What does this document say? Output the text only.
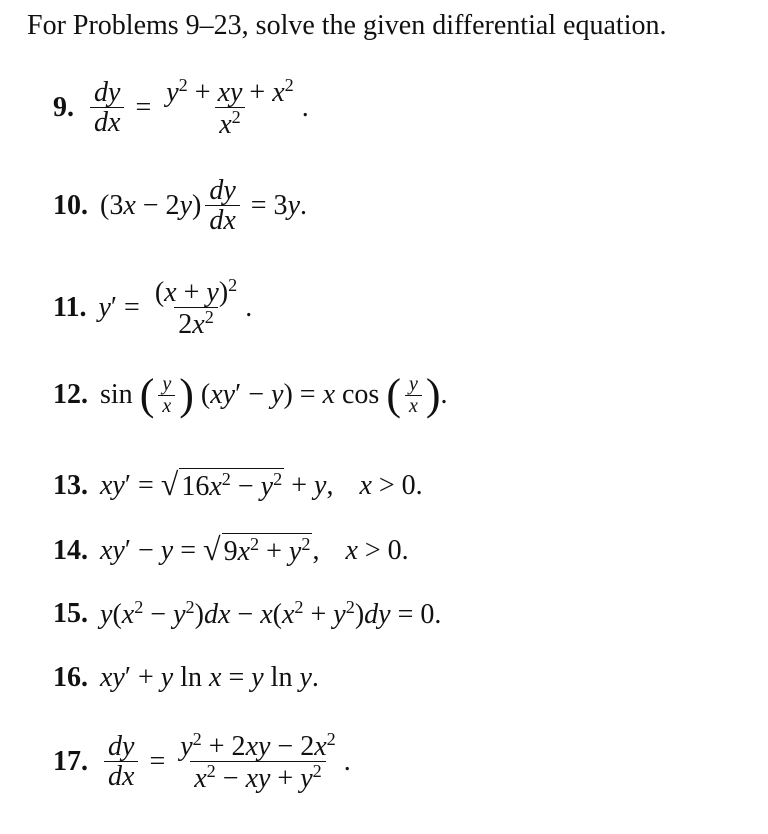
For Problems 9–23, solve the given differential equation.
9. $\frac{dy}{dx} = \frac{y^2 + xy + x^2}{x^2}$ .
10. $(3x - 2y) \frac{dy}{dx} = 3y$.
11. $y' = \frac{(x + y)^2}{2x^2}$ .
12. sin ( $\frac{y}{x}$ ) (xy′ − y) = x cos ( $\frac{y}{x}$ ) .
13. xy′ = √ $16x^2 - y^2 + y$, x > 0.
14. xy′ − y = √ $9x^2 + y^2$ , x > 0.
15. $y(x^2 - y^2)dx - x(x^2 + y^2)dy = 0$.
16. xy′ + y ln x = y ln y.
17. $\frac{dy}{dx} = \frac{y^2 + 2xy - 2x^2}{x^2 - xy + y^2}$ .
